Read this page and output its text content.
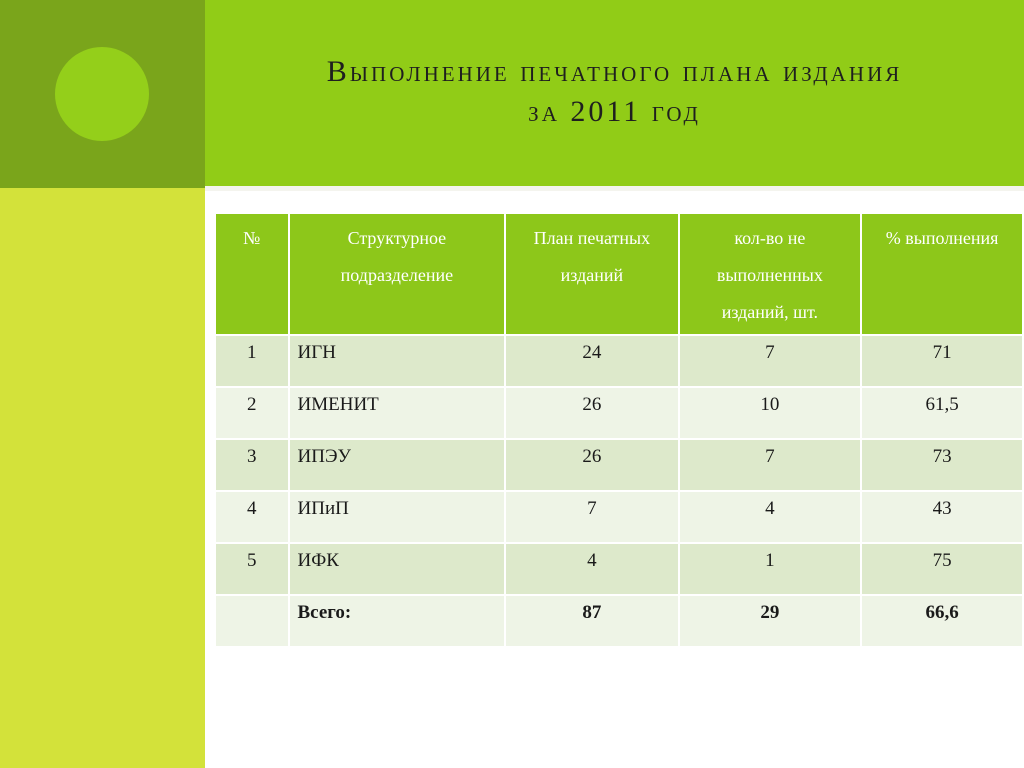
Выполнение печатного плана издания
за 2011 год
№	Структурное подразделение	План печатных изданий	кол-во не выполненных изданий, шт.	% выполнения
1	ИГН	24	7	71
2	ИМЕНИТ	26	10	61,5
3	ИПЭУ	26	7	73
4	ИПиП	7	4	43
5	ИФК	4	1	75
	Всего:	87	29	66,6
